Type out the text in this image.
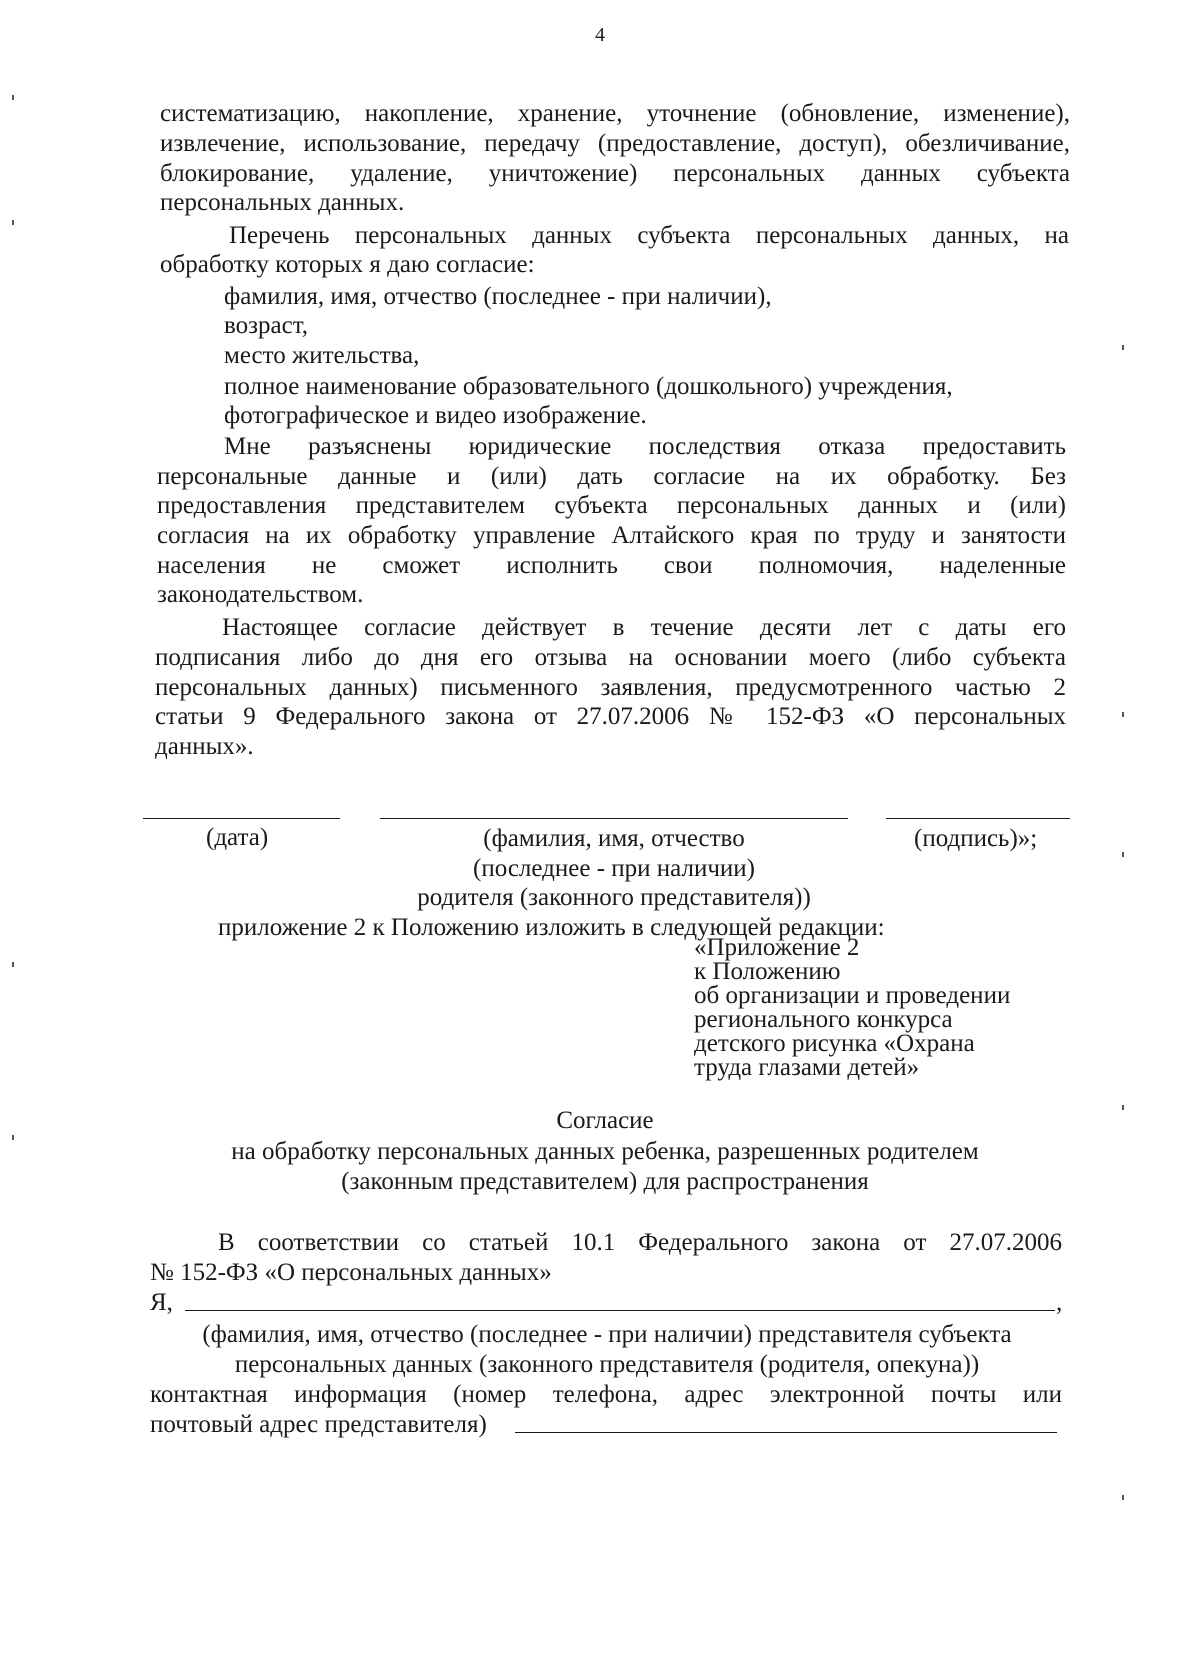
4
систематизацию, накопление, хранение, уточнение (обновление, изменение),
извлечение, использование, передачу (предоставление, доступ), обезличивание,
блокирование, удаление, уничтожение) персональных данных субъекта
персональных данных.
Перечень персональных данных субъекта персональных данных, на
обработку которых я даю согласие:
фамилия, имя, отчество (последнее - при наличии),
возраст,
место жительства,
полное наименование образовательного (дошкольного) учреждения,
фотографическое и видео изображение.
Мне разъяснены юридические последствия отказа предоставить
персональные данные и (или) дать согласие на их обработку. Без
предоставления представителем субъекта персональных данных и (или)
согласия на их обработку управление Алтайского края по труду и занятости
населения не сможет исполнить свои полномочия, наделенные
законодательством.
Настоящее согласие действует в течение десяти лет с даты его
подписания либо до дня его отзыва на основании моего (либо субъекта
персональных данных) письменного заявления, предусмотренного частью 2
статьи 9 Федерального закона от 27.07.2006 № 152-ФЗ «О персональных
данных».
(дата)	(фамилия, имя, отчество	(подпись)»;
(последнее - при наличии)
родителя (законного представителя))
приложение 2 к Положению изложить в следующей редакции:
«Приложение 2
к Положению
об организации и проведении
регионального конкурса
детского рисунка «Охрана
труда глазами детей»
Согласие
на обработку персональных данных ребенка, разрешенных родителем
(законным представителем) для распространения
В соответствии со статьей 10.1 Федерального закона от 27.07.2006
№ 152-ФЗ «О персональных данных»
Я,	,
(фамилия, имя, отчество (последнее - при наличии) представителя субъекта
персональных данных (законного представителя (родителя, опекуна))
контактная информация (номер телефона, адрес электронной почты или
почтовый адрес представителя)
